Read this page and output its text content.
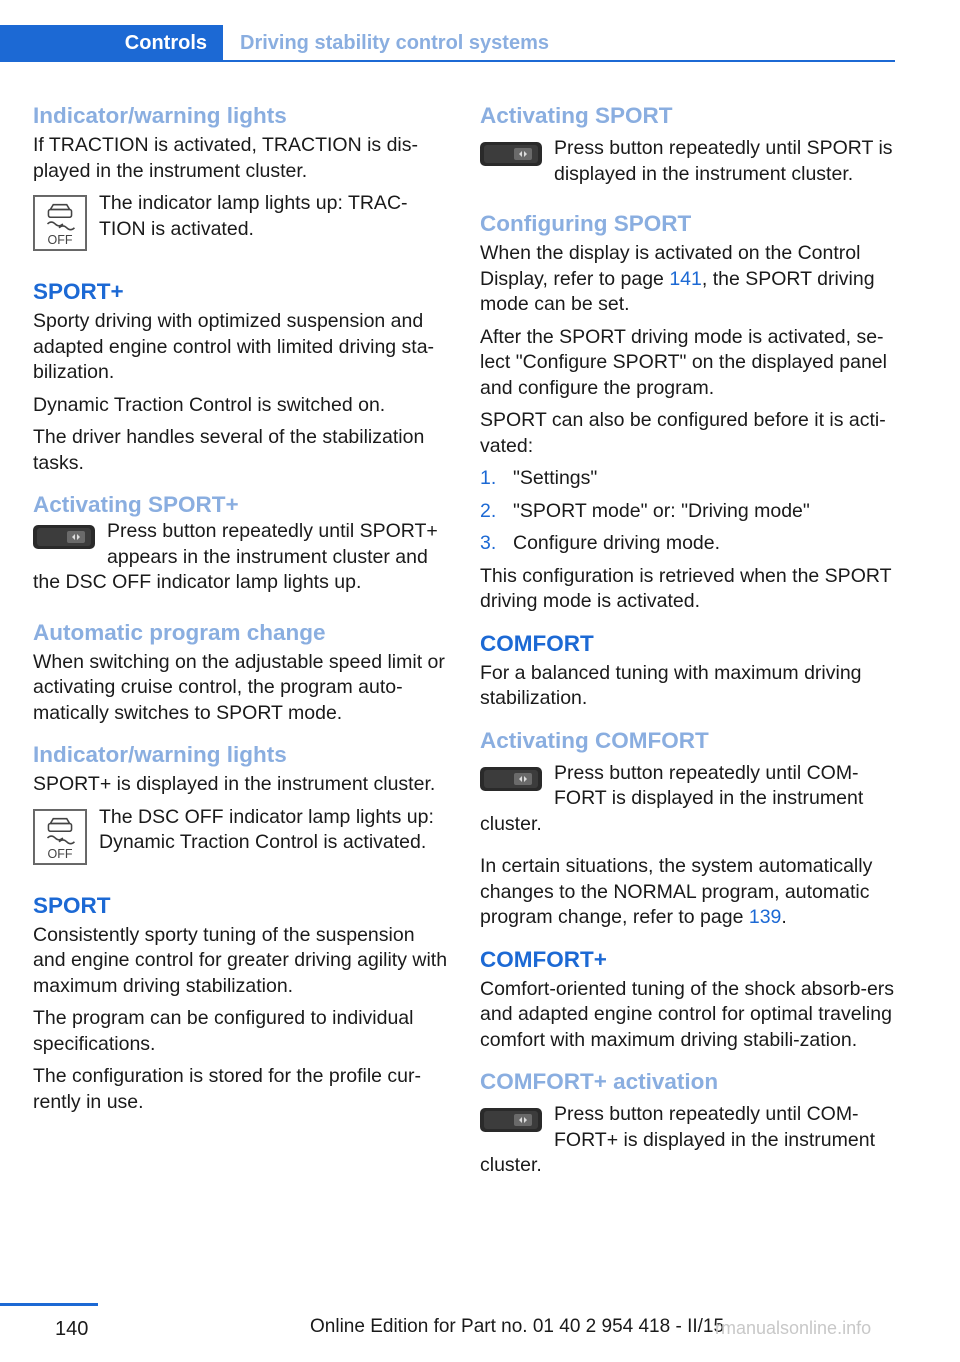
Controls	Driving stability control systems
Indicator/warning lights

If TRACTION is activated, TRACTION is dis‐played in the instrument cluster.

OFF

The indicator lamp lights up: TRAC‐TION is activated.

SPORT+

Sporty driving with optimized suspension and adapted engine control with limited driving sta‐bilization.

Dynamic Traction Control is switched on.

The driver handles several of the stabilization tasks.

Activating SPORT+

Press button repeatedly until SPORT+ appears in the instrument cluster and the DSC OFF indicator lamp lights up.

Automatic program change

When switching on the adjustable speed limit or activating cruise control, the program auto‐matically switches to SPORT mode.

Indicator/warning lights

SPORT+ is displayed in the instrument cluster.

OFF

The DSC OFF indicator lamp lights up: Dynamic Traction Control is activated.

SPORT

Consistently sporty tuning of the suspension and engine control for greater driving agility with maximum driving stabilization.

The program can be configured to individual specifications.

The configuration is stored for the profile cur‐rently in use.

Activating SPORT

Press button repeatedly until SPORT is displayed in the instrument cluster.

Configuring SPORT

When the display is activated on the Control Display, refer to page 141, the SPORT driving mode can be set.

After the SPORT driving mode is activated, se‐lect "Configure SPORT" on the displayed panel and configure the program.

SPORT can also be configured before it is acti‐vated:

1. "Settings"
2. "SPORT mode" or: "Driving mode"
3. Configure driving mode.

This configuration is retrieved when the SPORT driving mode is activated.

COMFORT

For a balanced tuning with maximum driving stabilization.

Activating COMFORT

Press button repeatedly until COM‐FORT is displayed in the instrument cluster.

In certain situations, the system automatically changes to the NORMAL program, automatic program change, refer to page 139.

COMFORT+

Comfort-oriented tuning of the shock absorb‐ers and adapted engine control for optimal traveling comfort with maximum driving stabili‐zation.

COMFORT+ activation

Press button repeatedly until COM‐FORT+ is displayed in the instrument cluster.

140	Online Edition for Part no. 01 40 2 954 418 - II/15
rmanualsonline.info
